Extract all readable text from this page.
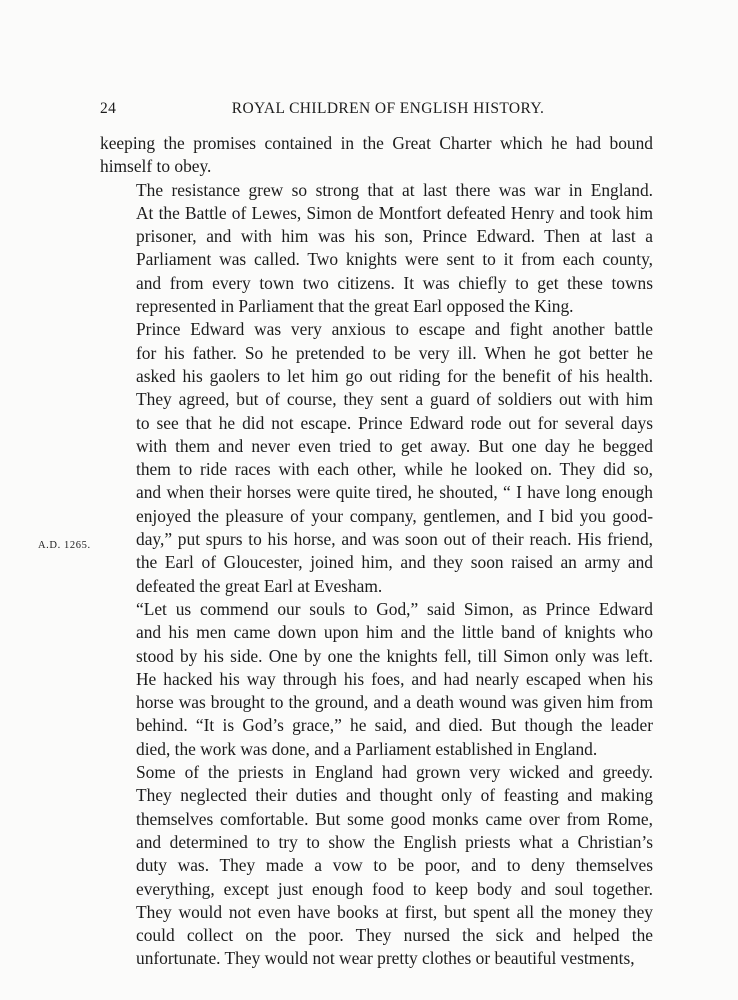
24	ROYAL CHILDREN OF ENGLISH HISTORY.
A.D. 1265.

keeping the promises contained in the Great Charter which he had bound
himself to obey.

The resistance grew so strong that at last there was war in England.
At the Battle of Lewes, Simon de Montfort defeated Henry and took him
prisoner, and with him was his son, Prince Edward. Then at last a
Parliament was called. Two knights were sent to it from each county,
and from every town two citizens. It was chiefly to get these towns
represented in Parliament that the great Earl opposed the King.

Prince Edward was very anxious to escape and fight another battle
for his father. So he pretended to be very ill. When he got better he
asked his gaolers to let him go out riding for the benefit of his health.
They agreed, but of course, they sent a guard of soldiers out with him
to see that he did not escape. Prince Edward rode out for several days
with them and never even tried to get away. But one day he begged
them to ride races with each other, while he looked on. They did so,
and when their horses were quite tired, he shouted, “ I have long enough
enjoyed the pleasure of your company, gentlemen, and I bid you good-
day,” put spurs to his horse, and was soon out of their reach. His friend,
the Earl of Gloucester, joined him, and they soon raised an army and
defeated the great Earl at Evesham.

“Let us commend our souls to God,” said Simon, as Prince Edward
and his men came down upon him and the little band of knights who
stood by his side. One by one the knights fell, till Simon only was left.
He hacked his way through his foes, and had nearly escaped when his
horse was brought to the ground, and a death wound was given him from
behind. “It is God’s grace,” he said, and died. But though the leader
died, the work was done, and a Parliament established in England.

Some of the priests in England had grown very wicked and greedy.
They neglected their duties and thought only of feasting and making
themselves comfortable. But some good monks came over from Rome,
and determined to try to show the English priests what a Christian’s
duty was. They made a vow to be poor, and to deny themselves
everything, except just enough food to keep body and soul together.
They would not even have books at first, but spent all the money they
could collect on the poor. They nursed the sick and helped the
unfortunate. They would not wear pretty clothes or beautiful vestments,
